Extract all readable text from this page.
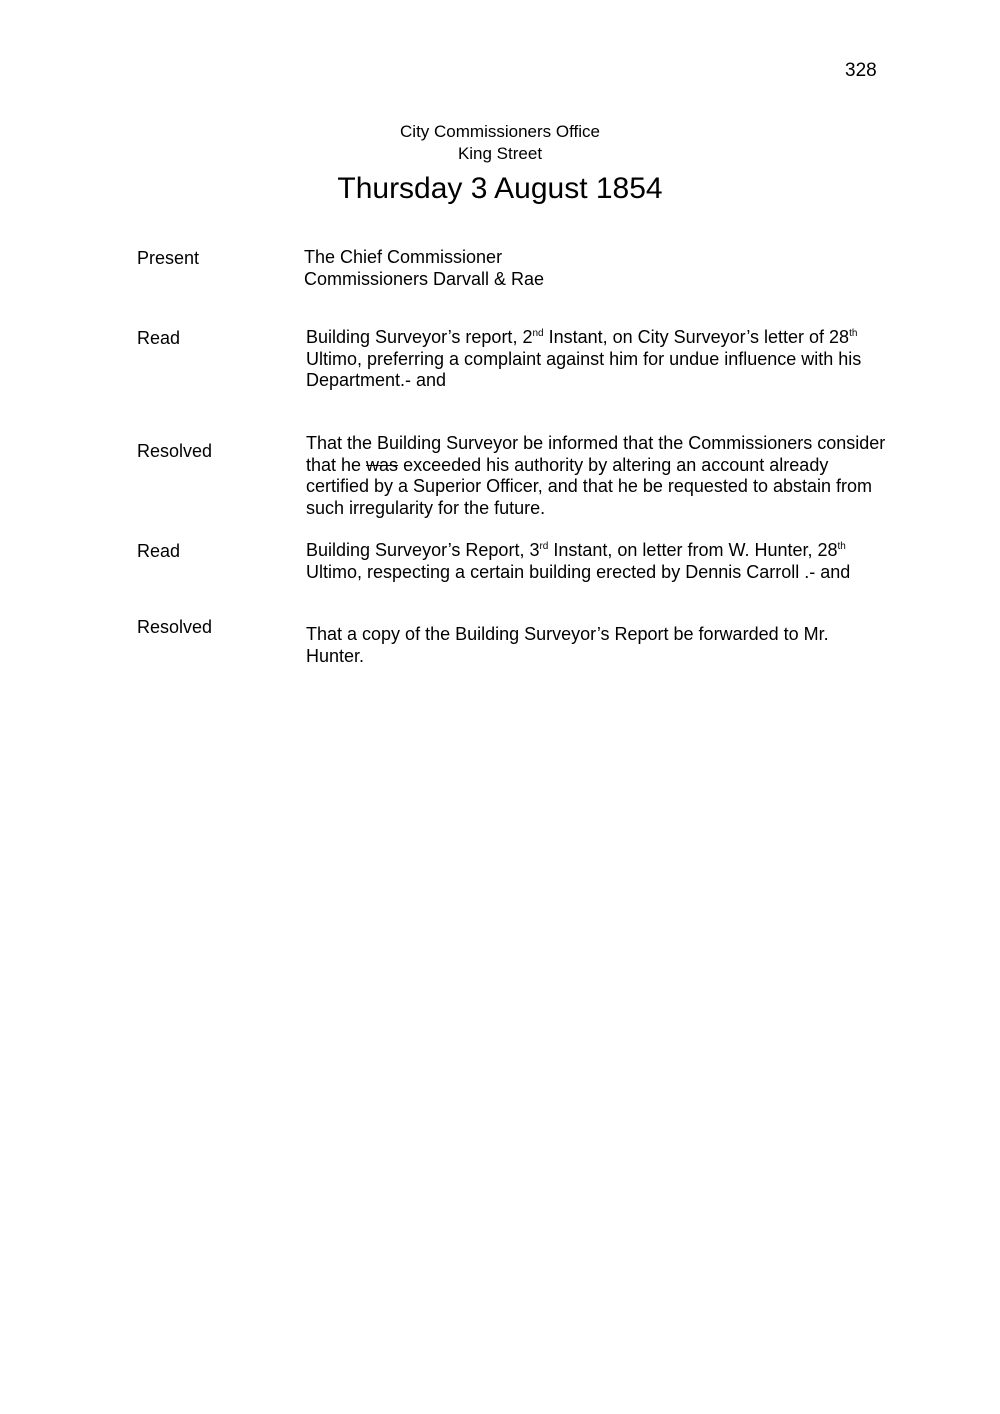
328
City Commissioners Office
King Street
Thursday 3 August 1854
Present	The Chief Commissioner
Commissioners Darvall & Rae
Read	Building Surveyor’s report, 2nd Instant, on City Surveyor’s letter of 28th Ultimo, preferring a complaint against him for undue influence with his Department.- and
Resolved	That the Building Surveyor be informed that the Commissioners consider that he was exceeded his authority by altering an account already certified by a Superior Officer, and that he be requested to abstain from such irregularity for the future.
Read	Building Surveyor’s Report, 3rd Instant, on letter from W. Hunter, 28th Ultimo, respecting a certain building erected by Dennis Carroll .- and
Resolved	That a copy of the Building Surveyor’s Report be forwarded to Mr. Hunter.
